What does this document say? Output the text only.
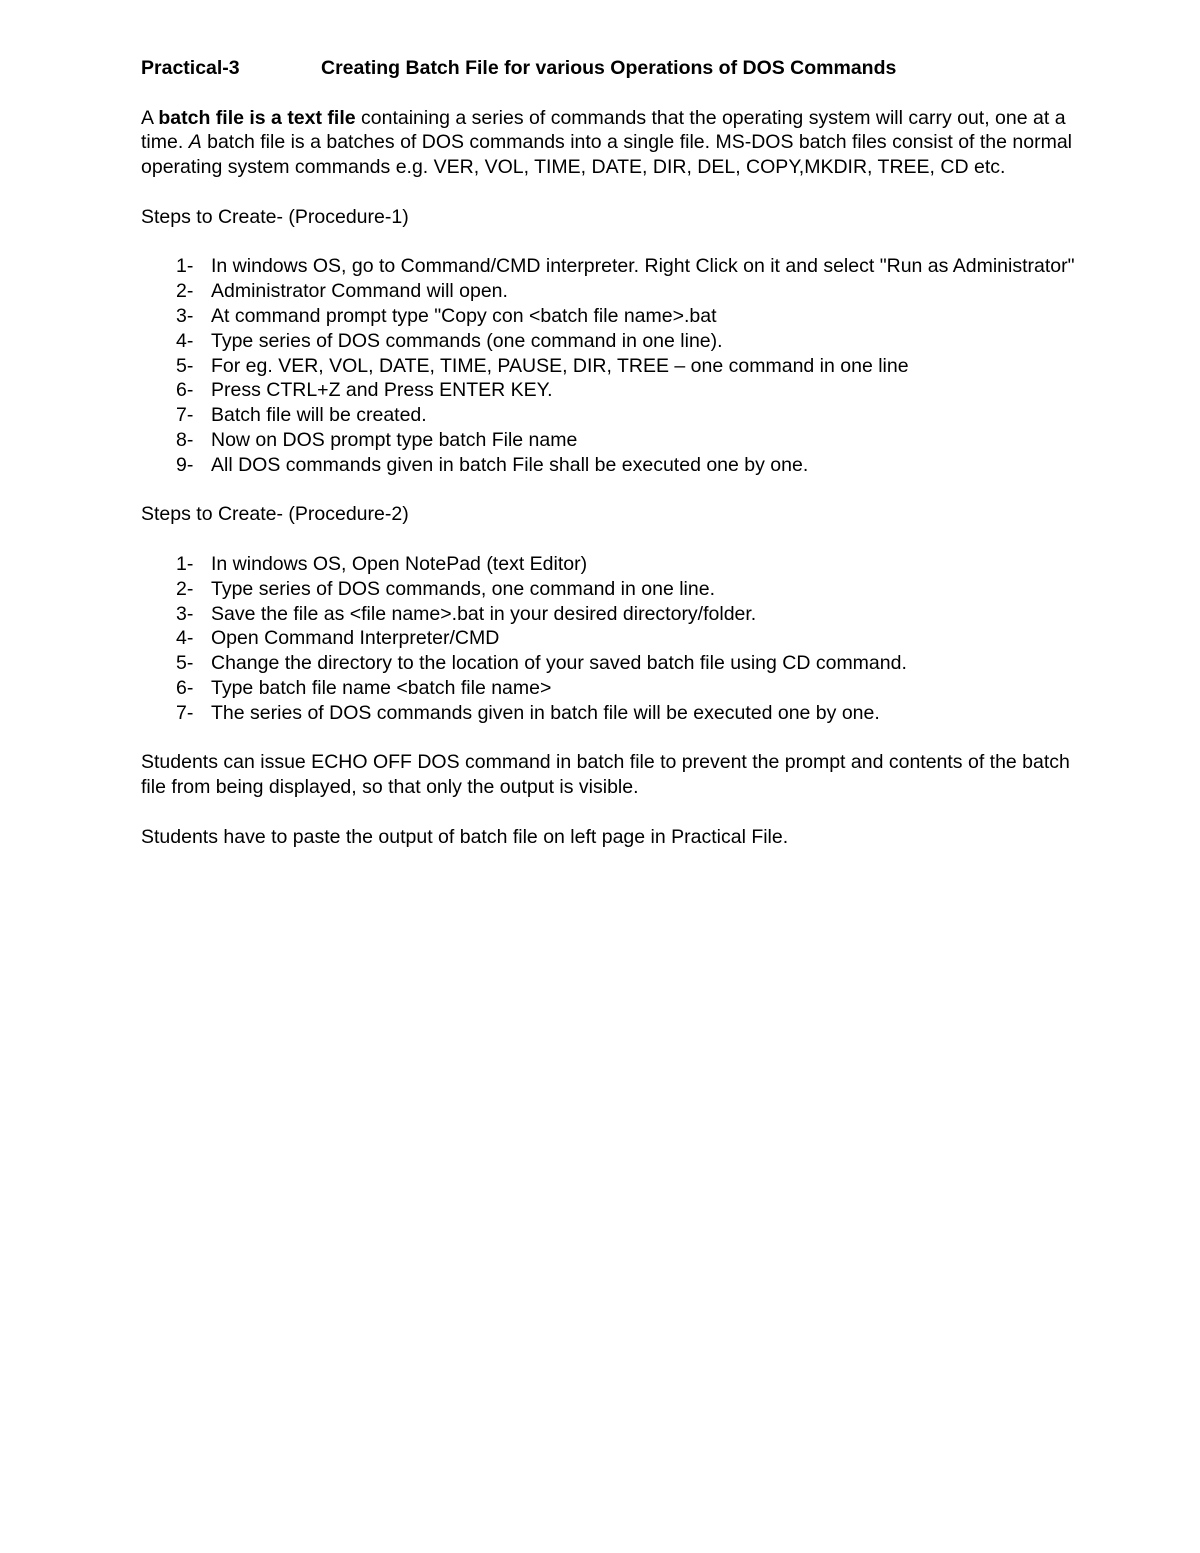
Practical-3	Creating Batch File for various Operations of DOS Commands

A batch file is a text file containing a series of commands that the operating system will carry out, one at a time. A batch file is a batches of DOS commands into a single file. MS-DOS batch files consist of the normal operating system commands e.g. VER, VOL, TIME, DATE, DIR, DEL, COPY,MKDIR, TREE, CD etc.

Steps to Create- (Procedure-1)

1- In windows OS, go to Command/CMD interpreter. Right Click on it and select "Run as Administrator"
2- Administrator Command will open.
3- At command prompt type "Copy con <batch file name>.bat
4- Type series of DOS commands (one command in one line).
5- For eg. VER, VOL, DATE, TIME, PAUSE, DIR, TREE – one command in one line
6- Press CTRL+Z and Press ENTER KEY.
7- Batch file will be created.
8- Now on DOS prompt type batch File name
9- All DOS commands given in batch File shall be executed one by one.

Steps to Create- (Procedure-2)

1- In windows OS, Open NotePad (text Editor)
2- Type series of DOS commands, one command in one line.
3- Save the file as <file name>.bat in your desired directory/folder.
4- Open Command Interpreter/CMD
5- Change the directory to the location of your saved batch file using CD command.
6- Type batch file name <batch file name>
7- The series of DOS commands given in batch file will be executed one by one.

Students can issue ECHO OFF DOS command in batch file to prevent the prompt and contents of the batch file from being displayed, so that only the output is visible.

Students have to paste the output of batch file on left page in Practical File.
